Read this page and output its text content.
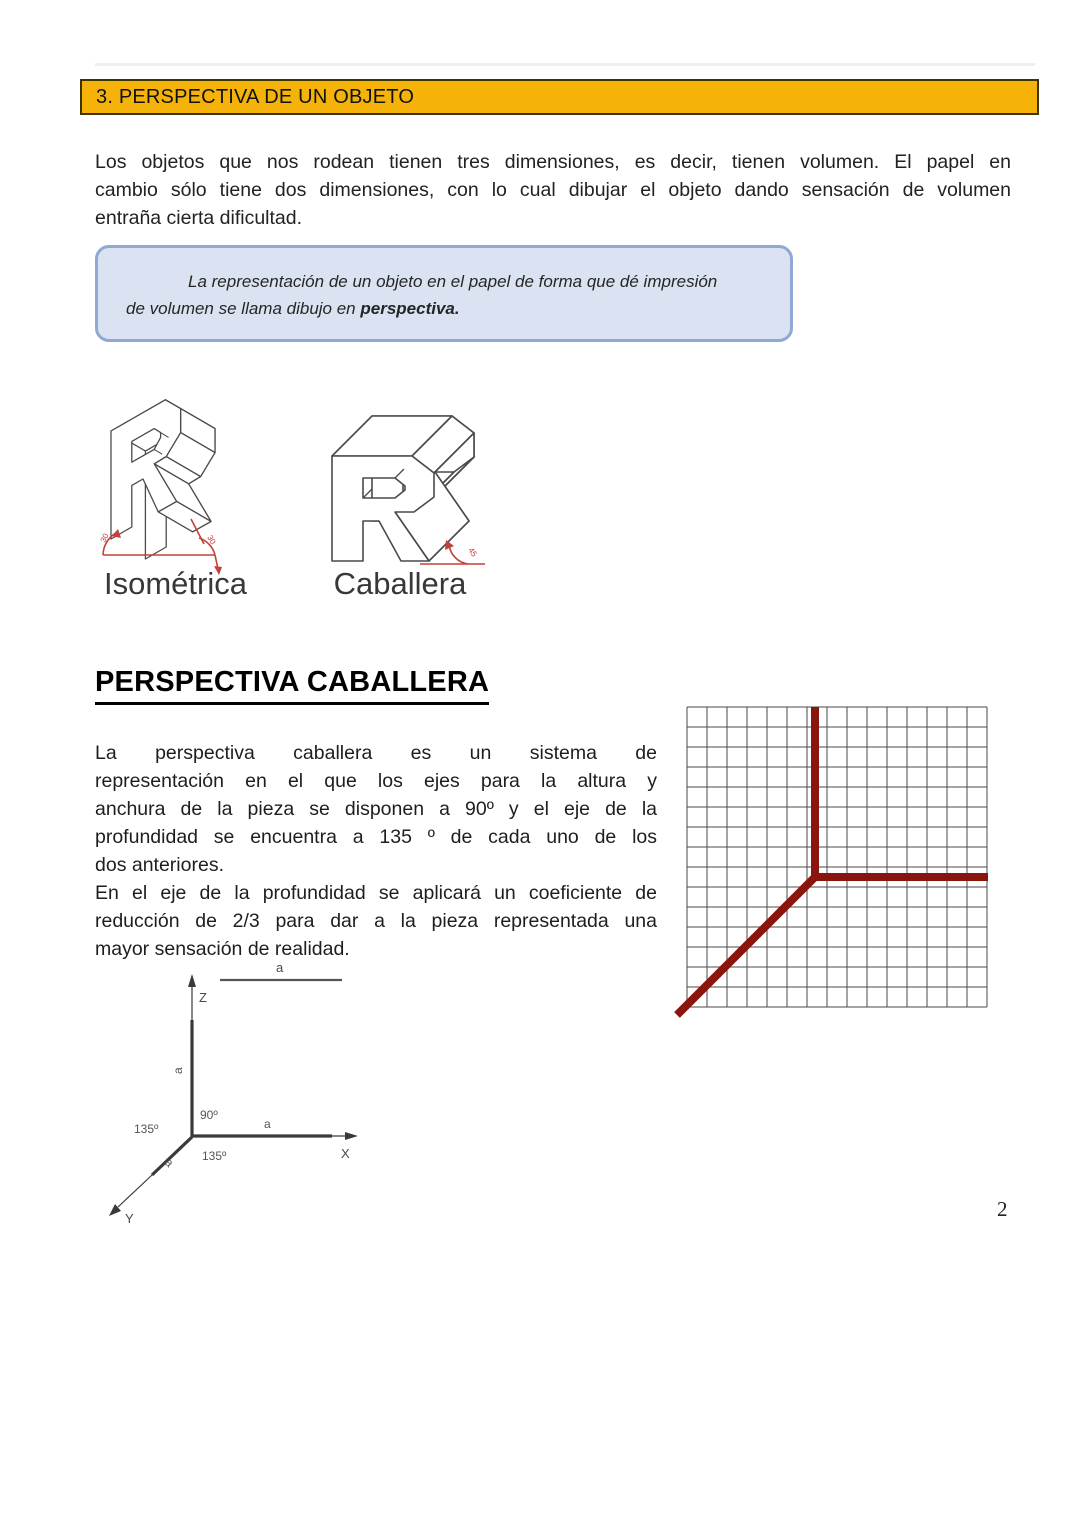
3. PERSPECTIVA DE UN OBJETO
Los objetos que nos rodean tienen tres dimensiones, es decir, tienen volumen. El papel en
cambio sólo tiene dos dimensiones, con lo cual dibujar el objeto dando sensación de volumen
entraña cierta dificultad.
La representación de un objeto en el papel de forma que dé impresión
de volumen se llama dibujo en perspectiva.
30	30
45
Isométrica	Caballera
PERSPECTIVA CABALLERA
La perspectiva caballera es un sistema de
representación en el que los ejes para la altura y
anchura de la pieza se disponen a 90º y el eje de la
profundidad se encuentra a 135 º de cada uno de los
dos anteriores.
En el eje de la profundidad se aplicará un coeficiente de
reducción de 2/3 para dar a la pieza representada una
mayor sensación de realidad.
a
Z
a
X
a
Y
a
90º
135º
135º
2
